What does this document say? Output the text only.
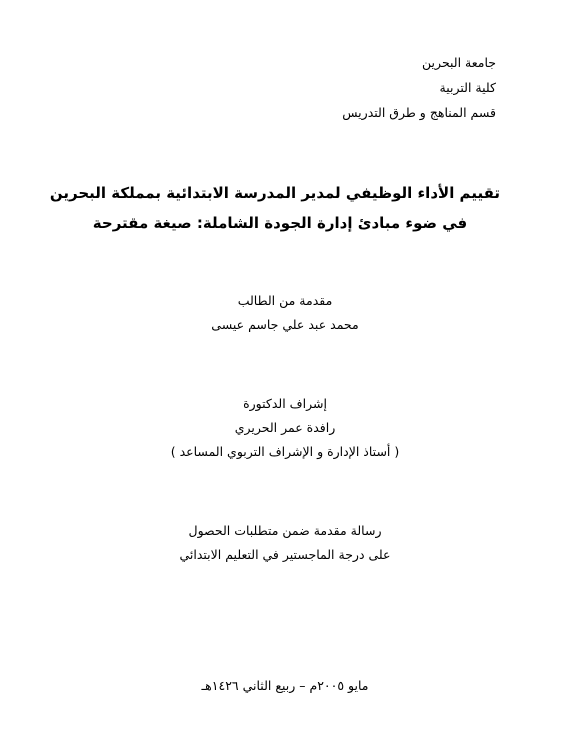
جامعة البحرين
كلية التربية
قسم المناهج و طرق التدريس
تقييم الأداء الوظيفي لمدير المدرسة الابتدائية بمملكة البحرين
في ضوء مبادئ إدارة الجودة الشاملة: صيغة مقترحة
مقدمة من الطالب
محمد عبد علي جاسم عيسى
إشراف الدكتورة
رافدة عمر الحريري
( أستاذ الإدارة و الإشراف التربوي المساعد )
رسالة مقدمة ضمن متطلبات الحصول
على درجة الماجستير في التعليم الابتدائي
مايو ٢٠٠٥م – ربيع الثاني ١٤٢٦هـ
